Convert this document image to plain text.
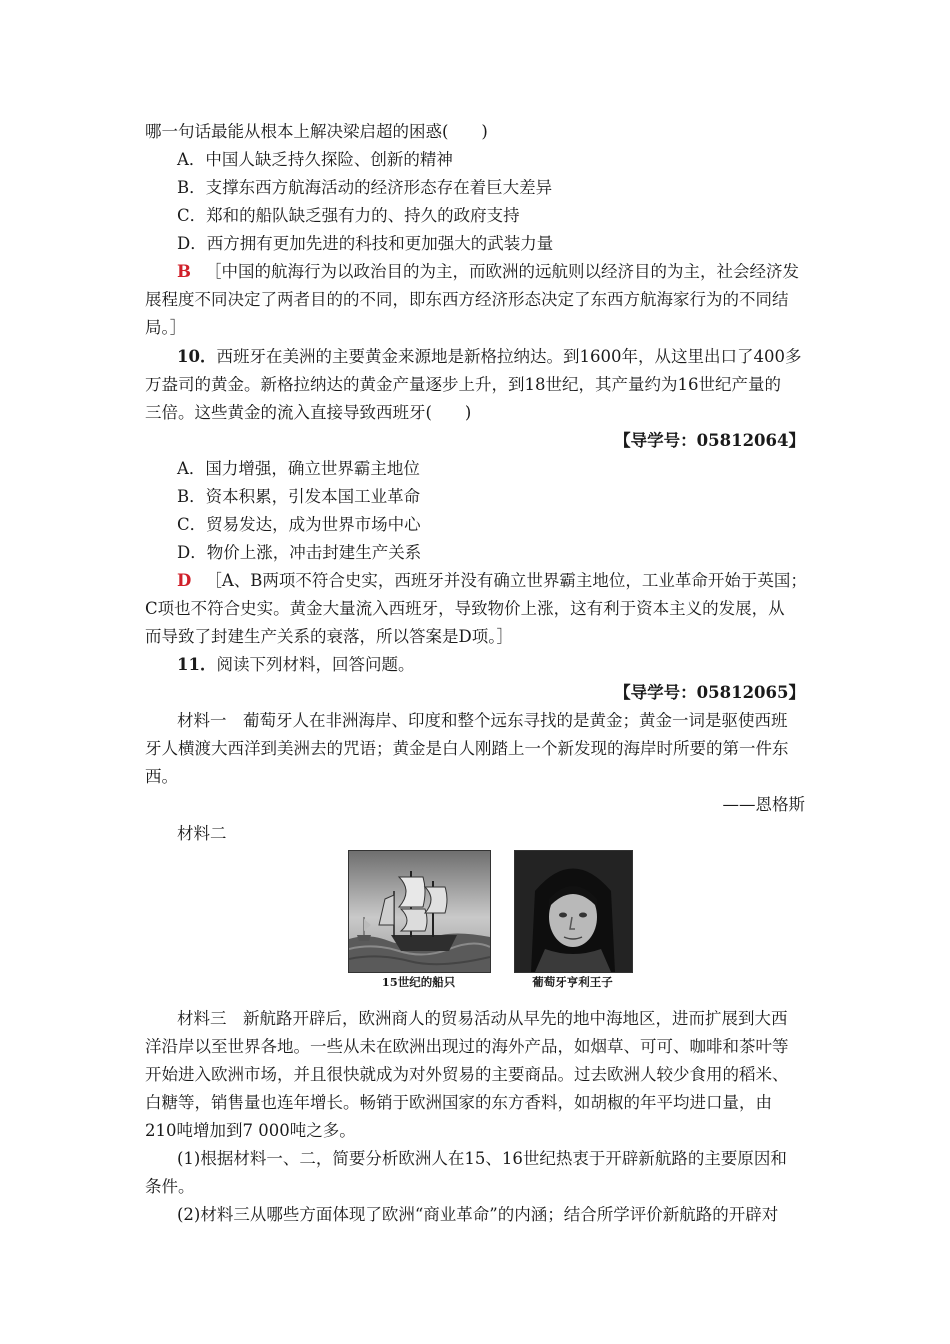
哪一句话最能从根本上解决梁启超的困惑(　　)
A．中国人缺乏持久探险、创新的精神
B．支撑东西方航海活动的经济形态存在着巨大差异
C．郑和的船队缺乏强有力的、持久的政府支持
D．西方拥有更加先进的科技和更加强大的武装力量
B ［中国的航海行为以政治目的为主，而欧洲的远航则以经济目的为主，社会经济发
展程度不同决定了两者目的的不同，即东西方经济形态决定了东西方航海家行为的不同结
局。］
10．西班牙在美洲的主要黄金来源地是新格拉纳达。到1600年，从这里出口了400多
万盎司的黄金。新格拉纳达的黄金产量逐步上升，到18世纪，其产量约为16世纪产量的
三倍。这些黄金的流入直接导致西班牙(　　)
【导学号：05812064】
A．国力增强，确立世界霸主地位
B．资本积累，引发本国工业革命
C．贸易发达，成为世界市场中心
D．物价上涨，冲击封建生产关系
D ［A、B两项不符合史实，西班牙并没有确立世界霸主地位，工业革命开始于英国；
C项也不符合史实。黄金大量流入西班牙，导致物价上涨，这有利于资本主义的发展，从
而导致了封建生产关系的衰落，所以答案是D项。］
11．阅读下列材料，回答问题。
【导学号：05812065】
材料一　葡萄牙人在非洲海岸、印度和整个远东寻找的是黄金；黄金一词是驱使西班
牙人横渡大西洋到美洲去的咒语；黄金是白人刚踏上一个新发现的海岸时所要的第一件东
西。
——恩格斯
材料二
15世纪的船只	葡萄牙亨利王子
材料三　新航路开辟后，欧洲商人的贸易活动从早先的地中海地区，进而扩展到大西
洋沿岸以至世界各地。一些从未在欧洲出现过的海外产品，如烟草、可可、咖啡和茶叶等
开始进入欧洲市场，并且很快就成为对外贸易的主要商品。过去欧洲人较少食用的稻米、
白糖等，销售量也连年增长。畅销于欧洲国家的东方香料，如胡椒的年平均进口量，由
210吨增加到7 000吨之多。
(1)根据材料一、二，简要分析欧洲人在15、16世纪热衷于开辟新航路的主要原因和
条件。
(2)材料三从哪些方面体现了欧洲“商业革命”的内涵；结合所学评价新航路的开辟对
